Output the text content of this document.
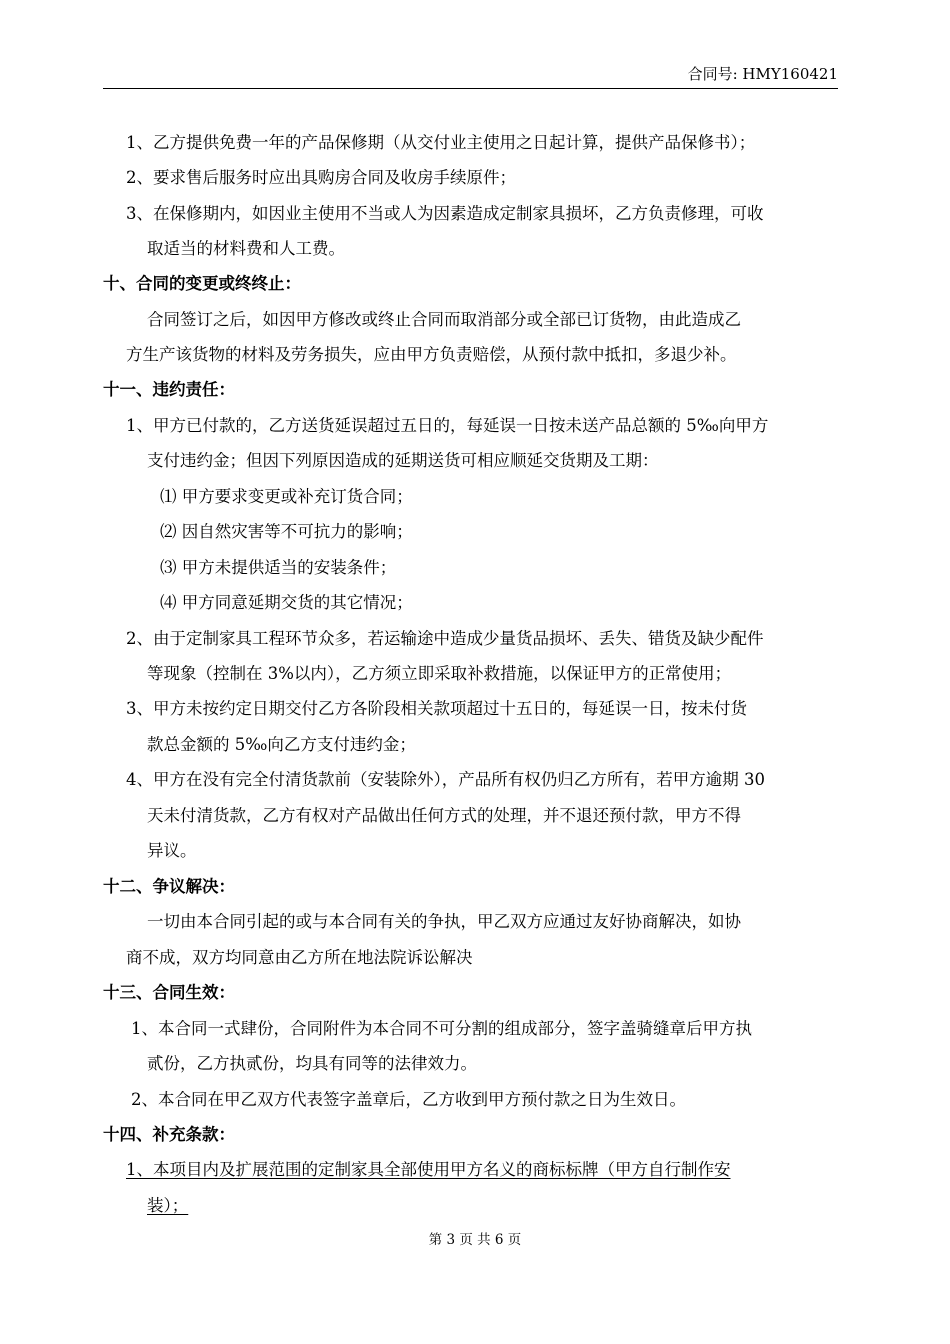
合同号: HMY160421
1、乙方提供免费一年的产品保修期（从交付业主使用之日起计算，提供产品保修书）；
2、要求售后服务时应出具购房合同及收房手续原件；
3、在保修期内，如因业主使用不当或人为因素造成定制家具损坏，乙方负责修理，可收
取适当的材料费和人工费。
十、合同的变更或终终止：
合同签订之后，如因甲方修改或终止合同而取消部分或全部已订货物，由此造成乙
方生产该货物的材料及劳务损失，应由甲方负责赔偿，从预付款中抵扣，多退少补。
十一、违约责任：
1、甲方已付款的，乙方送货延误超过五日的，每延误一日按未送产品总额的 5‰向甲方
支付违约金；但因下列原因造成的延期送货可相应顺延交货期及工期：
⑴ 甲方要求变更或补充订货合同；
⑵ 因自然灾害等不可抗力的影响；
⑶ 甲方未提供适当的安装条件；
⑷ 甲方同意延期交货的其它情况；
2、由于定制家具工程环节众多，若运输途中造成少量货品损坏、丢失、错货及缺少配件
等现象（控制在 3%以内），乙方须立即采取补救措施，以保证甲方的正常使用；
3、甲方未按约定日期交付乙方各阶段相关款项超过十五日的，每延误一日，按未付货
款总金额的 5‰向乙方支付违约金；
4、甲方在没有完全付清货款前（安装除外），产品所有权仍归乙方所有，若甲方逾期 30
天未付清货款，乙方有权对产品做出任何方式的处理，并不退还预付款，甲方不得
异议。
十二、争议解决：
一切由本合同引起的或与本合同有关的争执，甲乙双方应通过友好协商解决，如协
商不成，双方均同意由乙方所在地法院诉讼解决
十三、合同生效：
1、本合同一式肆份，合同附件为本合同不可分割的组成部分，签字盖骑缝章后甲方执
贰份，乙方执贰份，均具有同等的法律效力。
2、本合同在甲乙双方代表签字盖章后，乙方收到甲方预付款之日为生效日。
十四、补充条款：
1、本项目内及扩展范围的定制家具全部使用甲方名义的商标标牌（甲方自行制作安
装）；
第 3 页 共 6 页
